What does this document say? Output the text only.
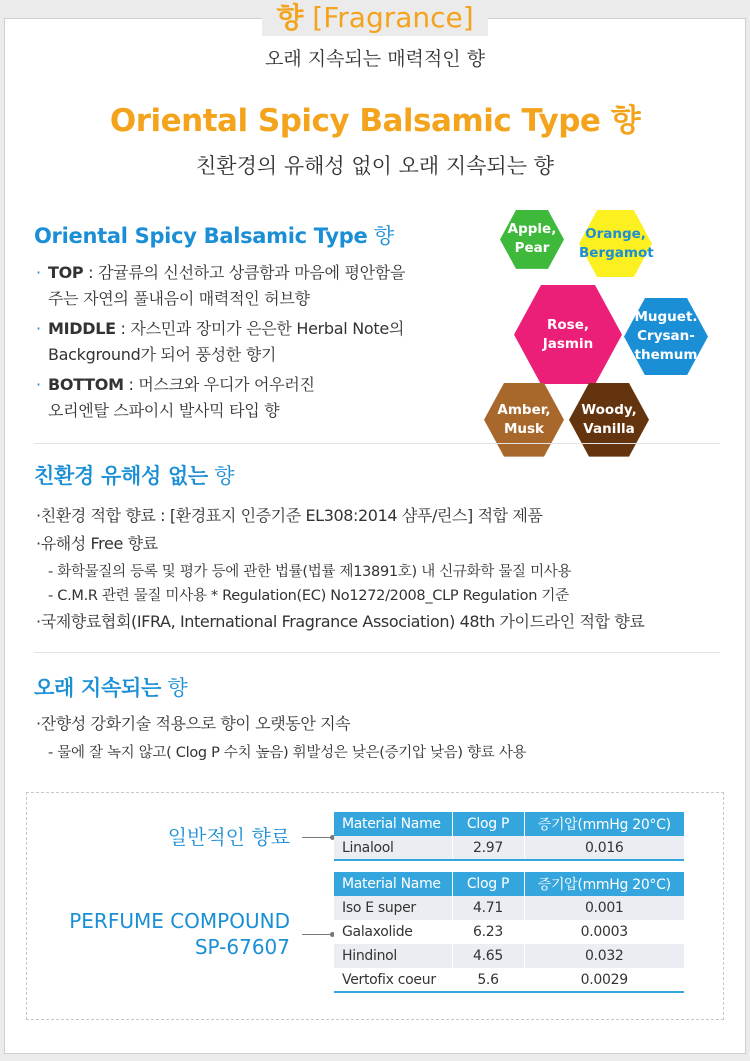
향 [Fragrance]
오래 지속되는 매력적인 향
Oriental Spicy Balsamic Type 향
친환경의 유해성 없이 오래 지속되는 향
Oriental Spicy Balsamic Type 향
· TOP : 감귤류의 신선하고 상큼함과 마음에 평안함을
주는 자연의 풀내음이 매력적인 허브향
· MIDDLE : 자스민과 장미가 은은한 Herbal Note의
Background가 되어 풍성한 향기
· BOTTOM : 머스크와 우디가 어우러진
오리엔탈 스파이시 발사믹 타입 향
Apple,
Pear
Orange,
Bergamot
Rose,
Jasmin
Muguet.
Crysan-
themum
Amber,
Musk
Woody,
Vanilla
친환경 유해성 없는 향
·친환경 적합 향료 : [환경표지 인증기준 EL308:2014 샴푸/린스] 적합 제품
·유해성 Free 향료
- 화학물질의 등록 및 평가 등에 관한 법률(법률 제13891호) 내 신규화학 물질 미사용
- C.M.R 관련 물질 미사용 * Regulation(EC) No1272/2008_CLP Regulation 기준
·국제향료협회(IFRA, International Fragrance Association) 48th 가이드라인 적합 향료
오래 지속되는 향
·잔향성 강화기술 적용으로 향이 오랫동안 지속
- 물에 잘 녹지 않고( Clog P 수치 높음) 휘발성은 낮은(증기압 낮음) 향료 사용
일반적인 향료
PERFUME COMPOUND
SP-67607
Material Name	Clog P	증기압(mmHg 20°C)
Linalool	2.97	0.016
Material Name	Clog P	증기압(mmHg 20°C)
Iso E super	4.71	0.001
Galaxolide	6.23	0.0003
Hindinol	4.65	0.032
Vertofix coeur	5.6	0.0029
